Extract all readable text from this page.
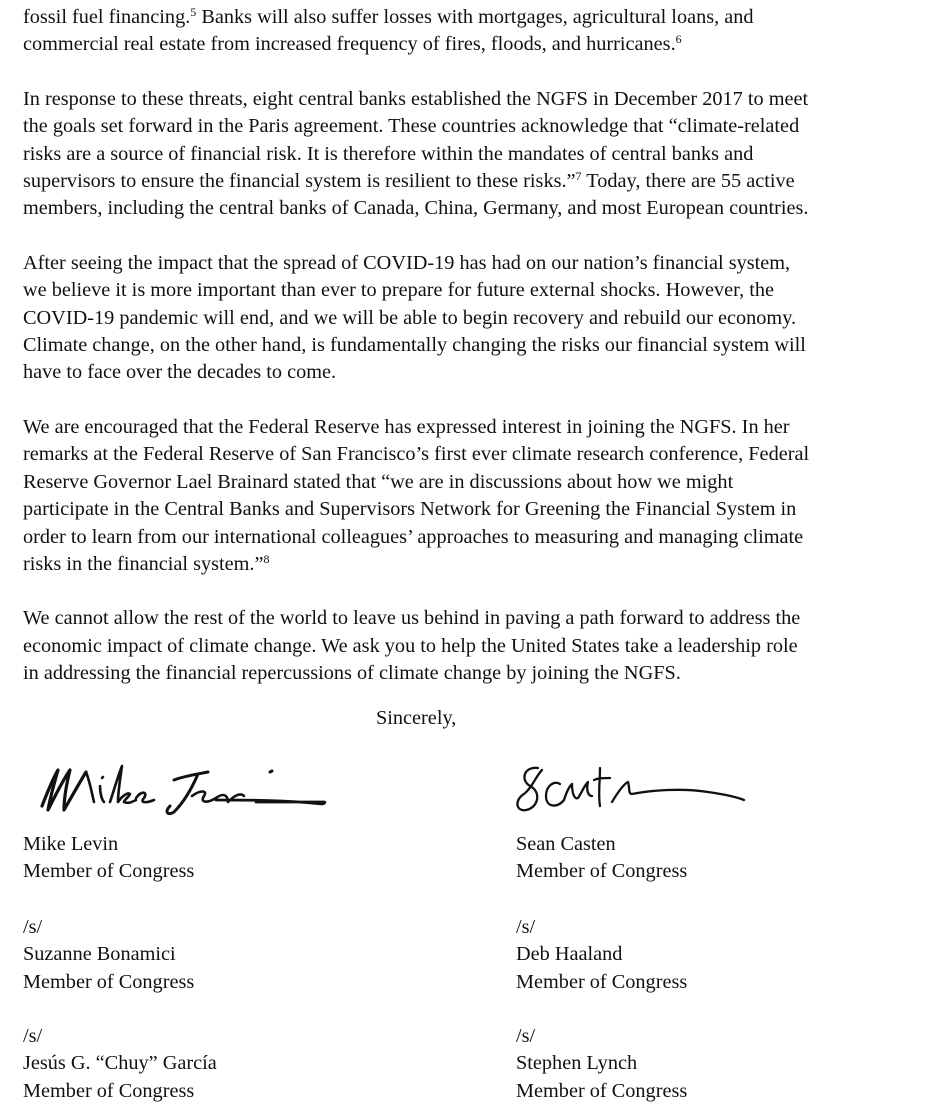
fossil fuel financing.$^5$ Banks will also suffer losses with mortgages, agricultural loans, and
commercial real estate from increased frequency of fires, floods, and hurricanes.$^6$

In response to these threats, eight central banks established the NGFS in December 2017 to meet
the goals set forward in the Paris agreement. These countries acknowledge that “climate-related
risks are a source of financial risk. It is therefore within the mandates of central banks and
supervisors to ensure the financial system is resilient to these risks.”$^7$ Today, there are 55 active
members, including the central banks of Canada, China, Germany, and most European countries.

After seeing the impact that the spread of COVID-19 has had on our nation’s financial system,
we believe it is more important than ever to prepare for future external shocks. However, the
COVID-19 pandemic will end, and we will be able to begin recovery and rebuild our economy.
Climate change, on the other hand, is fundamentally changing the risks our financial system will
have to face over the decades to come.

We are encouraged that the Federal Reserve has expressed interest in joining the NGFS. In her
remarks at the Federal Reserve of San Francisco’s first ever climate research conference, Federal
Reserve Governor Lael Brainard stated that “we are in discussions about how we might
participate in the Central Banks and Supervisors Network for Greening the Financial System in
order to learn from our international colleagues’ approaches to measuring and managing climate
risks in the financial system.”$^8$

We cannot allow the rest of the world to leave us behind in paving a path forward to address the
economic impact of climate change. We ask you to help the United States take a leadership role
in addressing the financial repercussions of climate change by joining the NGFS.

Sincerely,
Mike Levin
Member of Congress
Sean Casten
Member of Congress
/s/
Suzanne Bonamici
Member of Congress
/s/
Deb Haaland
Member of Congress
/s/
Jesús G. “Chuy” García
Member of Congress
/s/
Stephen Lynch
Member of Congress
